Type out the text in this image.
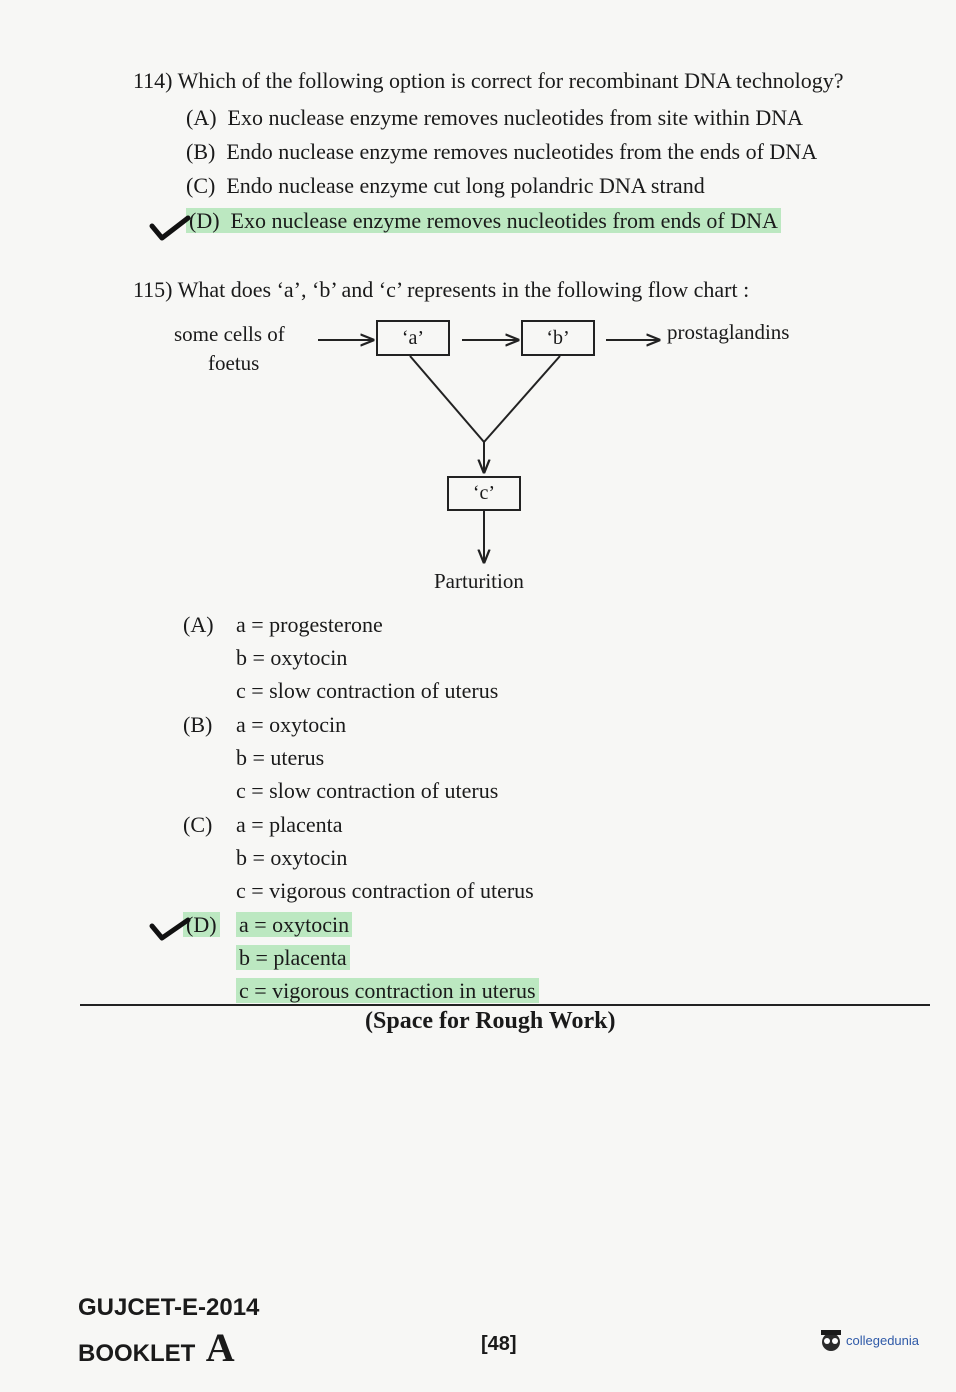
114) Which of the following option is correct for recombinant DNA technology?
(A) Exo nuclease enzyme removes nucleotides from site within DNA
(B) Endo nuclease enzyme removes nucleotides from the ends of DNA
(C) Endo nuclease enzyme cut long polandric DNA strand
(D) Exo nuclease enzyme removes nucleotides from ends of DNA
115) What does ‘a’, ‘b’ and ‘c’ represents in the following flow chart :
some cells of
foetus
‘a’	‘b’	prostaglandins
‘c’
Parturition
(A) a = progesterone
b = oxytocin
c = slow contraction of uterus
(B) a = oxytocin
b = uterus
c = slow contraction of uterus
(C) a = placenta
b = oxytocin
c = vigorous contraction of uterus
(D) a = oxytocin
b = placenta
c = vigorous contraction in uterus
(Space for Rough Work)
GUJCET-E-2014
BOOKLET A	[48]	collegedunia
